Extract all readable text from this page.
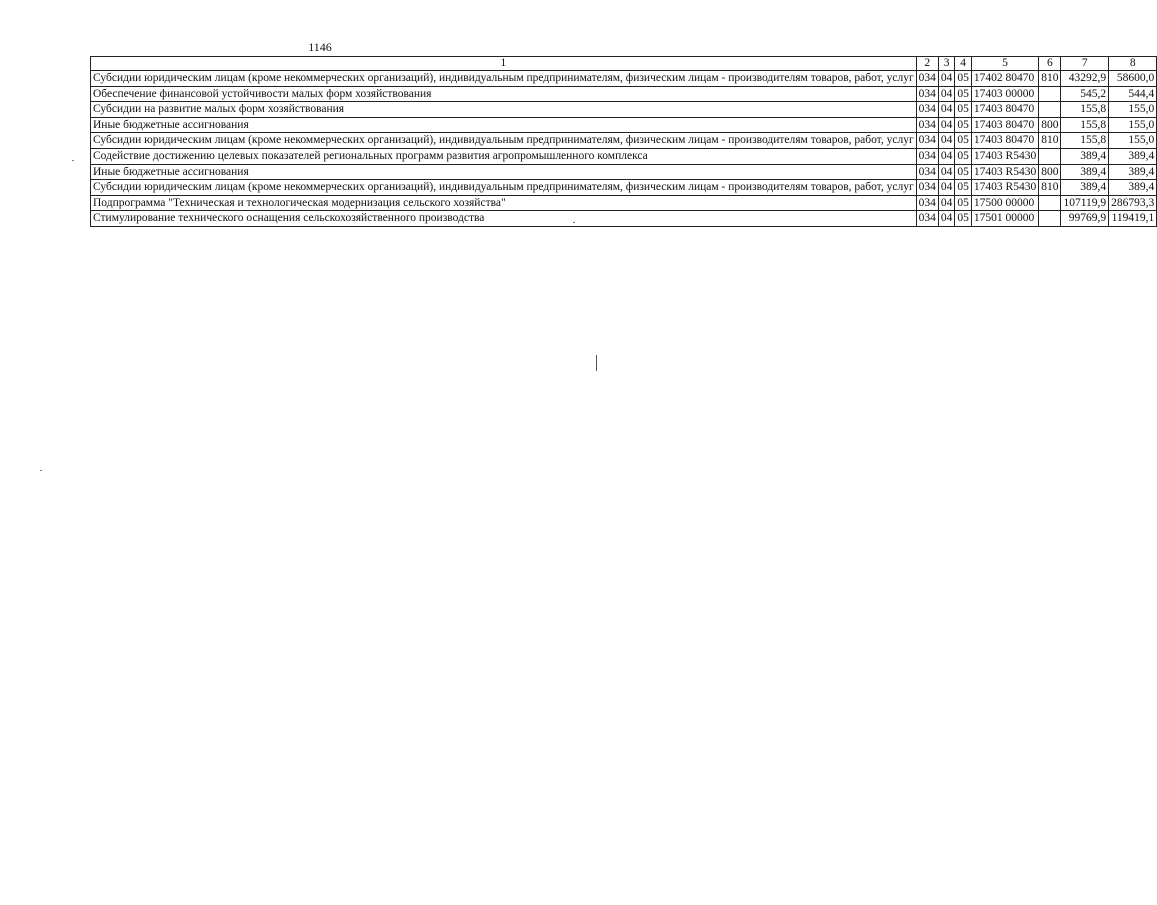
1146
1	2	3	4	5	6	7	8
Субсидии юридическим лицам (кроме некоммерческих организаций), индивидуальным предпринимателям, физическим лицам - производителям товаров, работ, услуг	034	04	05	17402 80470	810	43292,9	58600,0
Обеспечение финансовой устойчивости малых форм хозяйствования	034	04	05	17403 00000		545,2	544,4
Субсидии на развитие малых форм хозяйствования	034	04	05	17403 80470		155,8	155,0
Иные бюджетные ассигнования	034	04	05	17403 80470	800	155,8	155,0
Субсидии юридическим лицам (кроме некоммерческих организаций), индивидуальным предпринимателям, физическим лицам - производителям товаров, работ, услуг	034	04	05	17403 80470	810	155,8	155,0
Содействие достижению целевых показателей региональных программ развития агропромышленного комплекса	034	04	05	17403 R5430		389,4	389,4
Иные бюджетные ассигнования	034	04	05	17403 R5430	800	389,4	389,4
Субсидии юридическим лицам (кроме некоммерческих организаций), индивидуальным предпринимателям, физическим лицам - производителям товаров, работ, услуг	034	04	05	17403 R5430	810	389,4	389,4
Подпрограмма "Техническая и технологическая модернизация сельского хозяйства"	034	04	05	17500 00000		107119,9	286793,3
Стимулирование технического оснащения сельскохозяйственного производства	034	04	05	17501 00000		99769,9	119419,1
